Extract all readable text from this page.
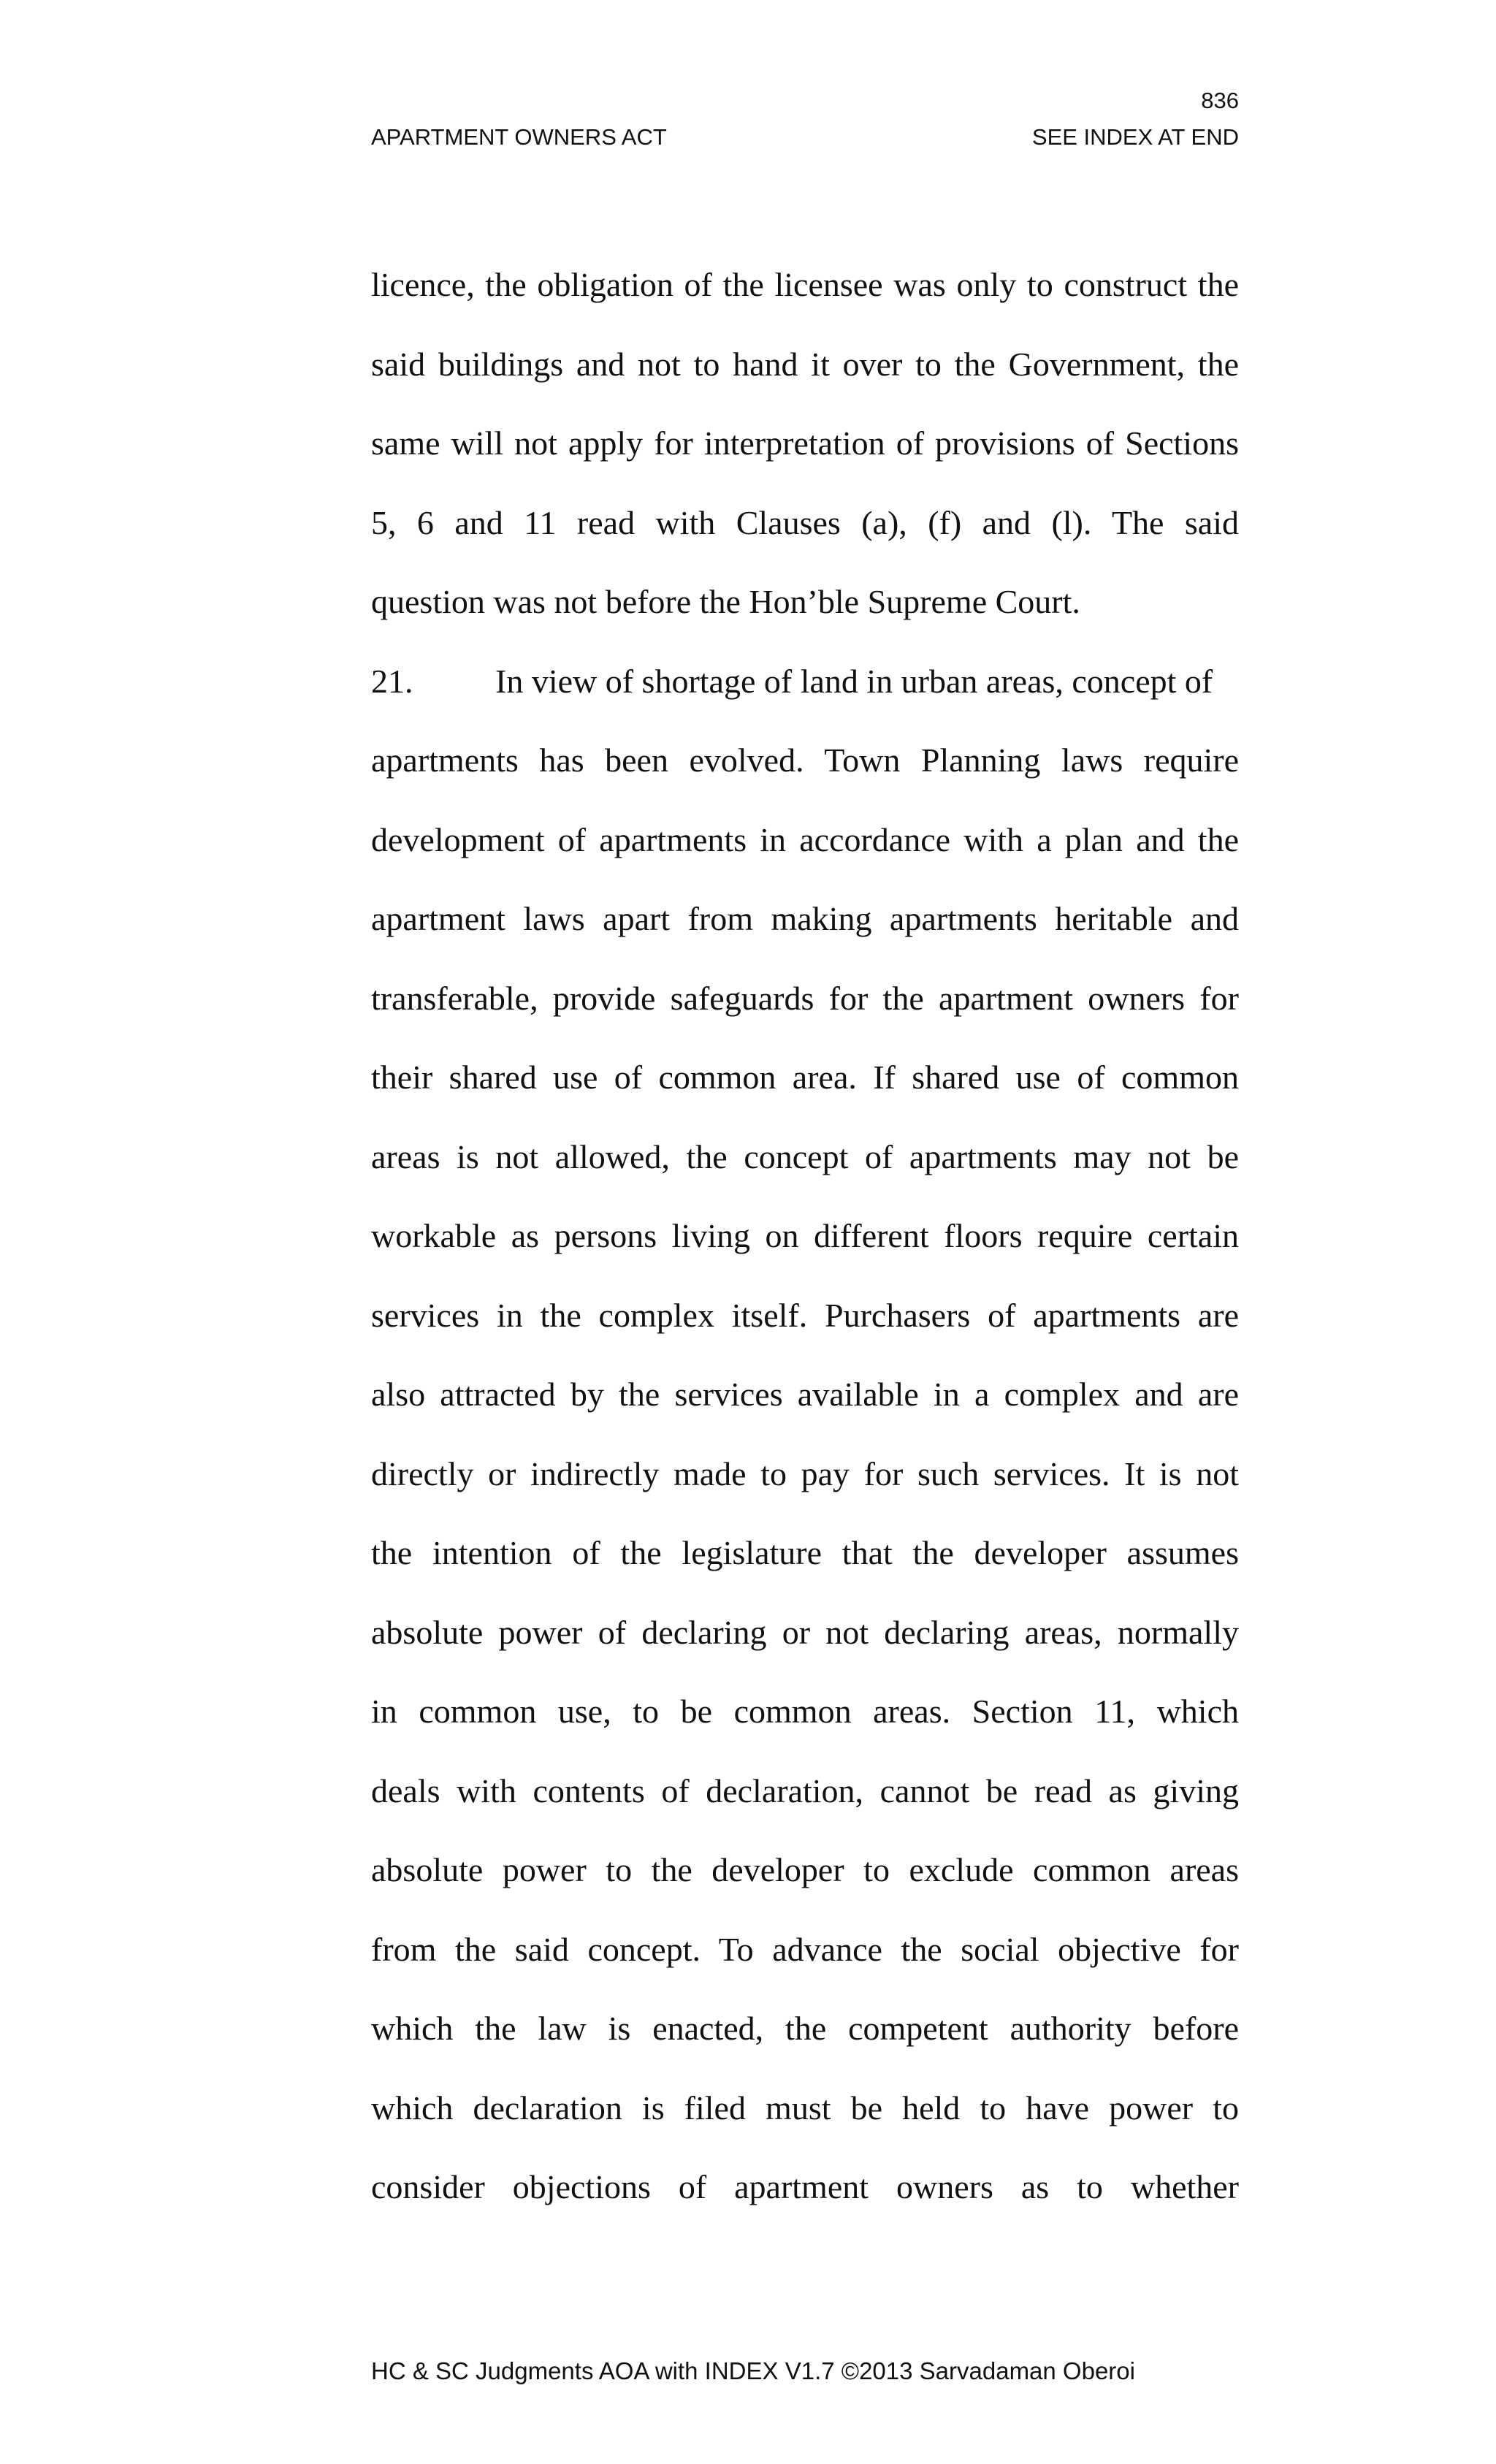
836
APARTMENT OWNERS ACT	SEE INDEX AT END
licence, the obligation of the licensee was only to construct the
said buildings and not to hand it over to the Government, the
same will not apply for interpretation of provisions of Sections
5, 6 and 11 read with Clauses (a), (f) and (l). The said
question was not before the Hon’ble Supreme Court.
21. In view of shortage of land in urban areas, concept of
apartments has been evolved. Town Planning laws require
development of apartments in accordance with a plan and the
apartment laws apart from making apartments heritable and
transferable, provide safeguards for the apartment owners for
their shared use of common area. If shared use of common
areas is not allowed, the concept of apartments may not be
workable as persons living on different floors require certain
services in the complex itself. Purchasers of apartments are
also attracted by the services available in a complex and are
directly or indirectly made to pay for such services. It is not
the intention of the legislature that the developer assumes
absolute power of declaring or not declaring areas, normally
in common use, to be common areas. Section 11, which
deals with contents of declaration, cannot be read as giving
absolute power to the developer to exclude common areas
from the said concept. To advance the social objective for
which the law is enacted, the competent authority before
which declaration is filed must be held to have power to
consider objections of apartment owners as to whether
HC & SC Judgments AOA with INDEX V1.7 ©2013 Sarvadaman Oberoi
